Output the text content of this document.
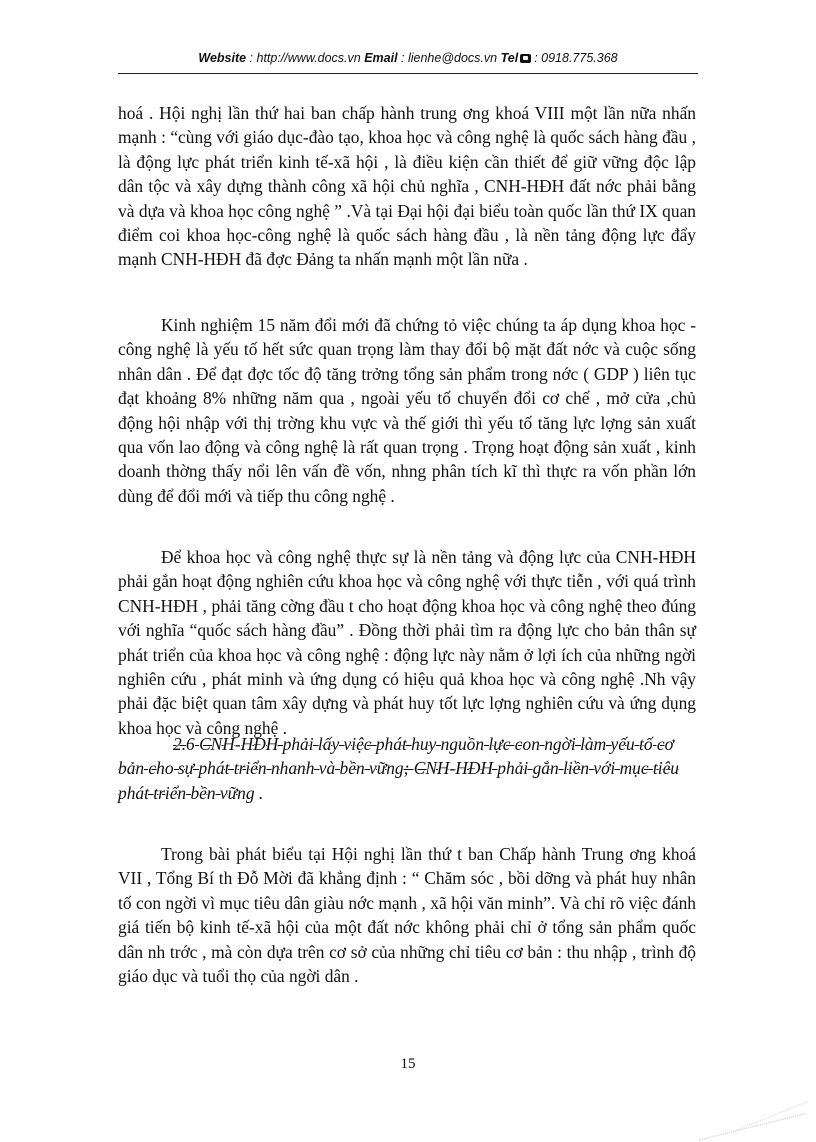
Website : http://www.docs.vn Email : lienhe@docs.vn Tel : 0918.775.368

hoá . Hội nghị lần thứ hai ban chấp hành trung ơng khoá VIII một lần nữa nhấn mạnh : “cùng với giáo dục-đào tạo, khoa học và công nghệ là quốc sách hàng đầu , là động lực phát triển kinh tế-xã hội , là điều kiện cần thiết để giữ vững độc lập dân tộc và xây dựng thành công xã hội chủ nghĩa , CNH-HĐH đất nớc phải bằng và dựa và khoa học công nghệ ” .Và tại Đại hội đại biểu toàn quốc lần thứ IX quan điểm coi khoa học-công nghệ là quốc sách hàng đầu , là nền tảng động lực đẩy mạnh CNH-HĐH đã đợc Đảng ta nhấn mạnh một lần nữa .

Kinh nghiệm 15 năm đổi mới đã chứng tỏ việc chúng ta áp dụng khoa học - công nghệ là yếu tố hết sức quan trọng làm thay đổi bộ mặt đất nớc và cuộc sống nhân dân . Để đạt đợc tốc độ tăng trởng tổng sản phẩm trong nớc ( GDP ) liên tục đạt khoảng 8% những năm qua , ngoài yếu tố chuyển đổi cơ chế , mở cửa ,chủ động hội nhập với thị trờng khu vực và thế giới thì yếu tố tăng lực lợng sản xuất qua vốn lao động và công nghệ là rất quan trọng . Trọng hoạt động sản xuất , kinh doanh thờng thấy nổi lên vấn đề vốn, nhng phân tích kĩ thì thực ra vốn phần lớn dùng để đổi mới và tiếp thu công nghệ .

Để khoa học và công nghệ thực sự là nền tảng và động lực của CNH-HĐH phải gắn hoạt động nghiên cứu khoa học và công nghệ với thực tiễn , với quá trình CNH-HĐH , phải tăng cờng đầu t cho hoạt động khoa học và công nghệ theo đúng với nghĩa “quốc sách hàng đầu” . Đồng thời phải tìm ra động lực cho bản thân sự phát triển của khoa học và công nghệ : động lực này nằm ở lợi ích của những ngời nghiên cứu , phát minh và ứng dụng có hiệu quả khoa học và công nghệ .Nh vậy phải đặc biệt quan tâm xây dựng và phát huy tốt lực lợng nghiên cứu và ứng dụng khoa học và công nghệ .

2.6 CNH-HĐH phải lấy việc phát huy nguồn lực con ngời làm yếu tố cơ bản cho sự phát triển nhanh và bền vững; CNH-HĐH phải gắn liền với mục tiêu phát triển bền vững .

Trong bài phát biểu tại Hội nghị lần thứ t ban Chấp hành Trung ơng khoá VII , Tổng Bí th Đỗ Mời đã khẳng định : “ Chăm sóc , bồi dỡng và phát huy nhân tố con ngời vì mục tiêu dân giàu nớc mạnh , xã hội văn minh”. Và chỉ rõ việc đánh giá tiến bộ kinh tế-xã hội của một đất nớc không phải chỉ ở tổng sản phẩm quốc dân nh trớc , mà còn dựa trên cơ sở của những chỉ tiêu cơ bản : thu nhập , trình độ giáo dục và tuổi thọ của ngời dân .

15
